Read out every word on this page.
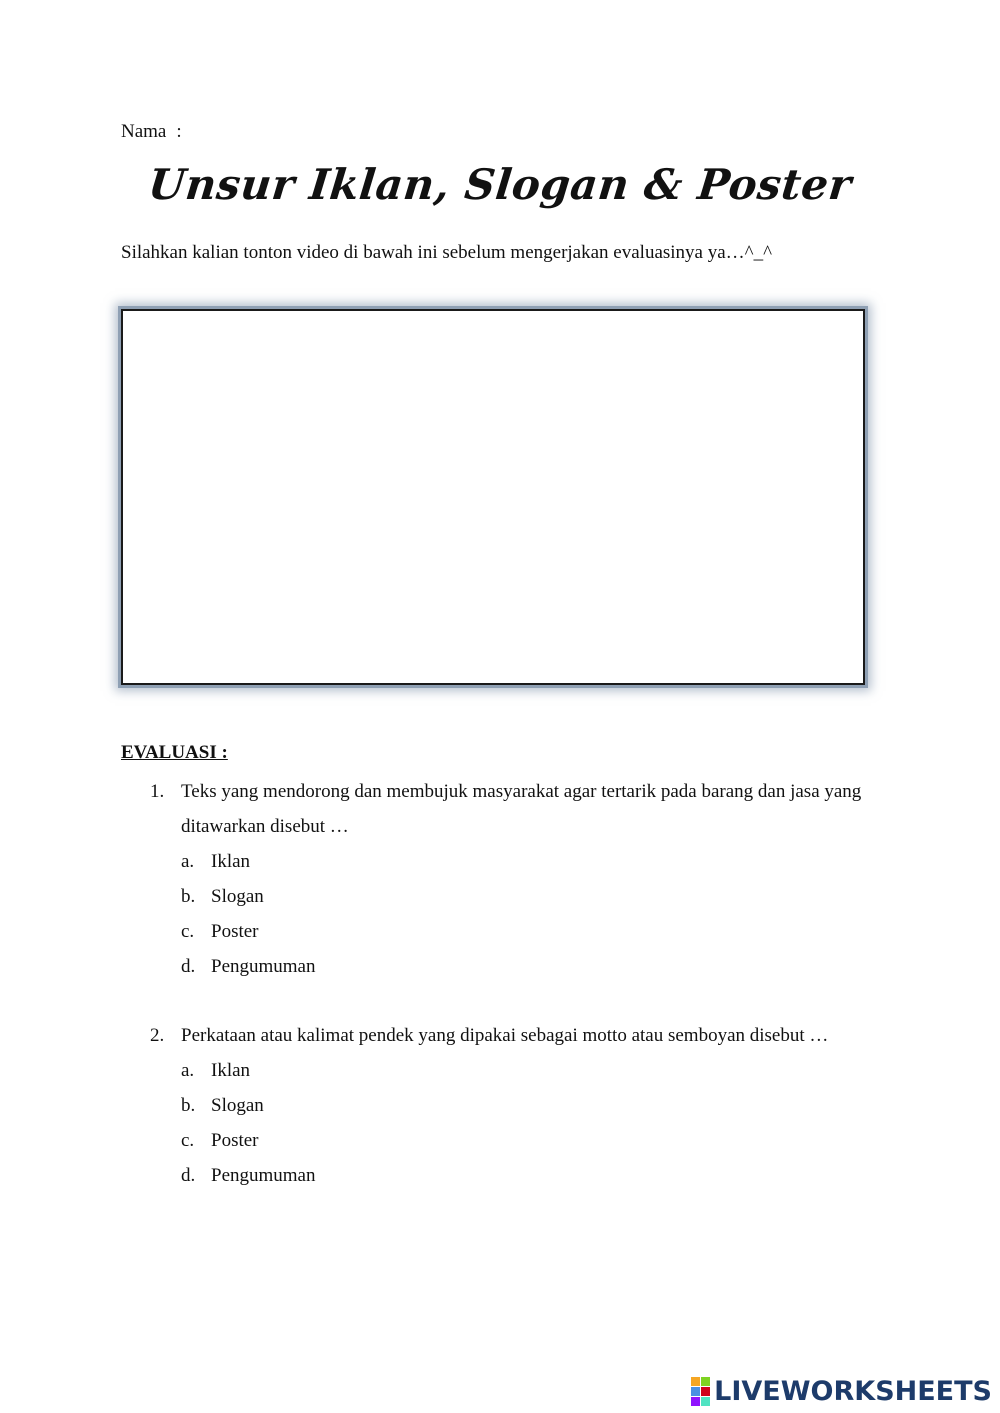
Nama :
Unsur Iklan, Slogan & Poster
Silahkan kalian tonton video di bawah ini sebelum mengerjakan evaluasinya ya…^_^
EVALUASI :
1. Teks yang mendorong dan membujuk masyarakat agar tertarik pada barang dan jasa yang ditawarkan disebut …
a. Iklan
b. Slogan
c. Poster
d. Pengumuman
2. Perkataan atau kalimat pendek yang dipakai sebagai motto atau semboyan disebut …
a. Iklan
b. Slogan
c. Poster
d. Pengumuman
LIVEWORKSHEETS
